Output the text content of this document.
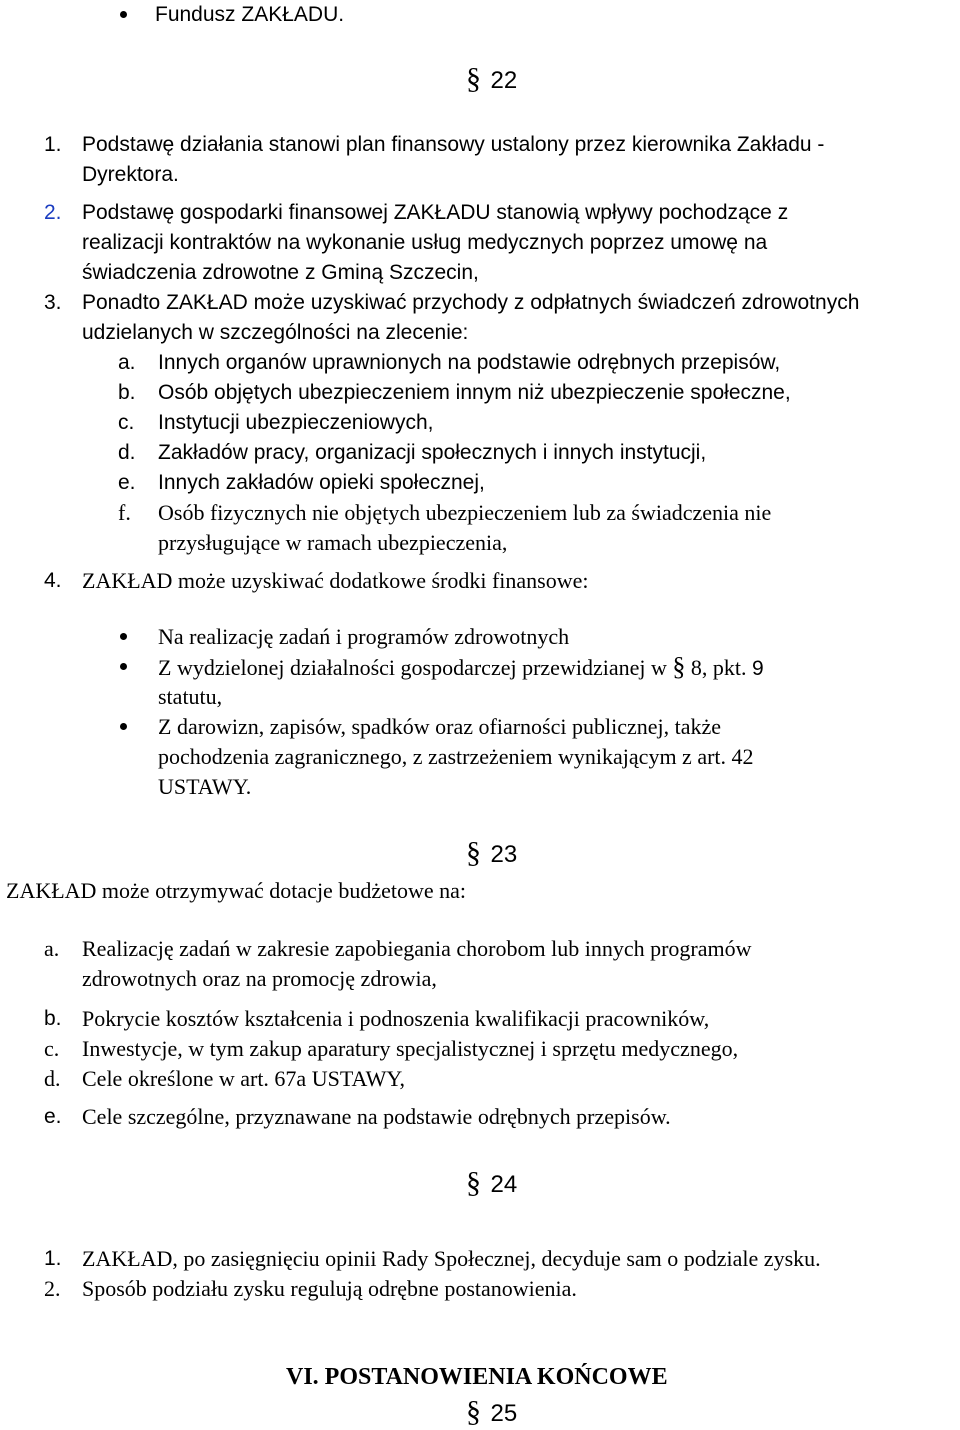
Fundusz ZAKŁADU.
§ 22
1. Podstawę działania stanowi plan finansowy ustalony przez kierownika Zakładu -
Dyrektora.
2. Podstawę gospodarki finansowej ZAKŁADU stanowią wpływy pochodzące z
realizacji kontraktów na wykonanie usług medycznych poprzez umowę na
świadczenia zdrowotne z Gminą Szczecin,
3. Ponadto ZAKŁAD może uzyskiwać przychody z odpłatnych świadczeń zdrowotnych
udzielanych w szczególności na zlecenie:
a.	Innych organów uprawnionych na podstawie odrębnych przepisów,
b.	Osób objętych ubezpieczeniem innym niż ubezpieczenie społeczne,
c.	Instytucji ubezpieczeniowych,
d.	Zakładów pracy, organizacji społecznych i innych instytucji,
e.	Innych zakładów opieki społecznej,
f.	Osób fizycznych nie objętych ubezpieczeniem lub za świadczenia nie
przysługujące w ramach ubezpieczenia,
4. ZAKŁAD może uzyskiwać dodatkowe środki finansowe:
Na realizację zadań i programów zdrowotnych
Z wydzielonej działalności gospodarczej przewidzianej w § 8, pkt. 9
statutu,
Z darowizn, zapisów, spadków oraz ofiarności publicznej, także
pochodzenia zagranicznego, z zastrzeżeniem wynikającym z art. 42
USTAWY.
§ 23
ZAKŁAD może otrzymywać dotacje budżetowe na:
a.	Realizację zadań w zakresie zapobiegania chorobom lub innych programów
zdrowotnych oraz na promocję zdrowia,
b. Pokrycie kosztów kształcenia i podnoszenia kwalifikacji pracowników,
c.	Inwestycje, w tym zakup aparatury specjalistycznej i sprzętu medycznego,
d. Cele określone w art. 67a USTAWY,
e. Cele szczególne, przyznawane na podstawie odrębnych przepisów.
§ 24
1. ZAKŁAD, po zasięgnięciu opinii Rady Społecznej, decyduje sam o podziale zysku.
2. Sposób podziału zysku regulują odrębne postanowienia.
VI. POSTANOWIENIA KOŃCOWE
§ 25
